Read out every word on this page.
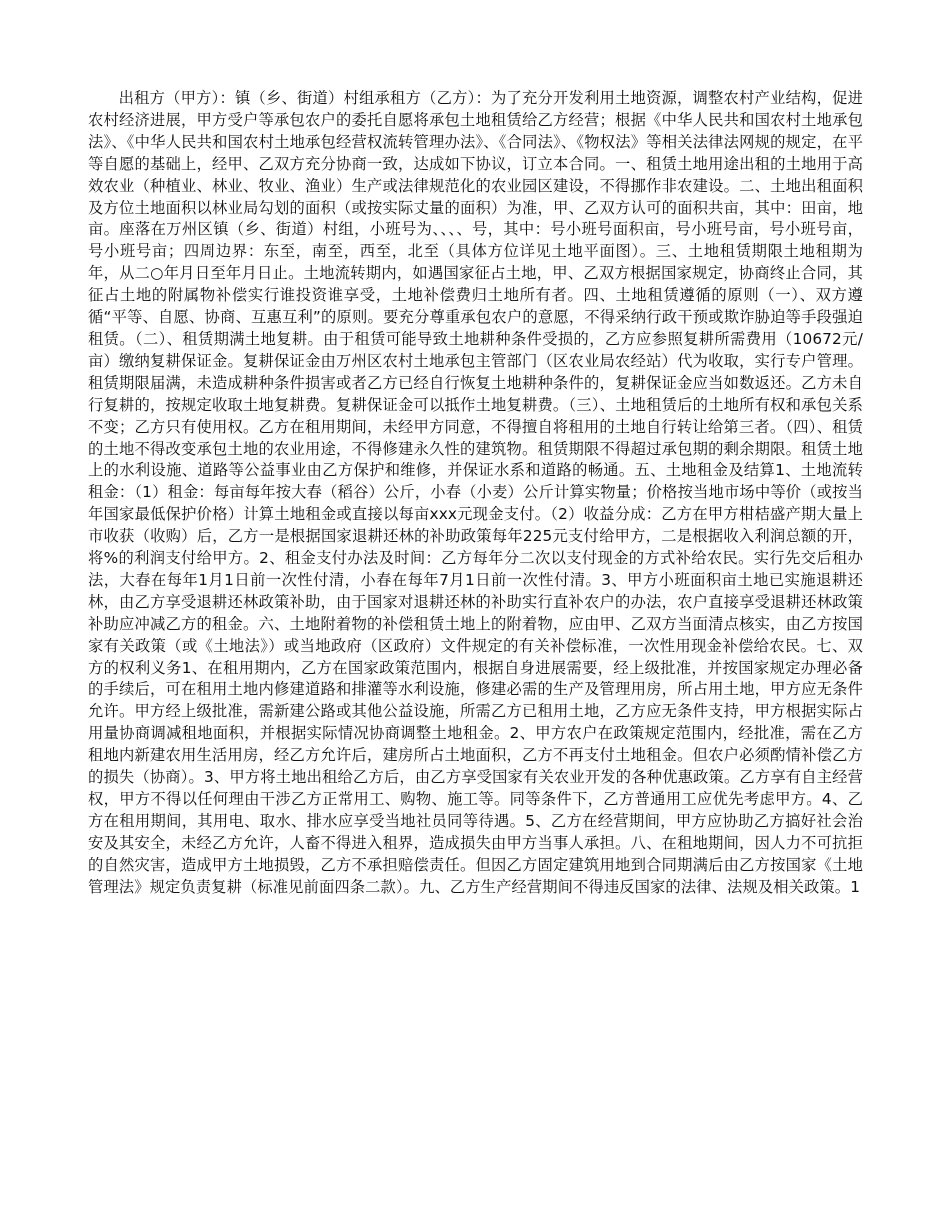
出租方（甲方）：镇（乡、街道）村组承租方（乙方）：为了充分开发利用土地资源，调整农村产业结构，促进农村经济进展，甲方受户等承包农户的委托自愿将承包土地租赁给乙方经营；根据《中华人民共和国农村土地承包法》、《中华人民共和国农村土地承包经营权流转管理办法》、《合同法》、《物权法》等相关法律法网规的规定，在平等自愿的基础上，经甲、乙双方充分协商一致，达成如下协议，订立本合同。一、租赁土地用途出租的土地用于高效农业（种植业、林业、牧业、渔业）生产或法律规范化的农业园区建设，不得挪作非农建设。二、土地出租面积及方位土地面积以林业局勾划的面积（或按实际丈量的面积）为准，甲、乙双方认可的面积共亩，其中：田亩，地亩。座落在万州区镇（乡、街道）村组，小班号为、、、、号，其中：号小班号面积亩，号小班号亩，号小班号亩，号小班号亩；四周边界：东至，南至，西至，北至（具体方位详见土地平面图）。三、土地租赁期限土地租期为年，从二○年月日至年月日止。土地流转期内，如遇国家征占土地，甲、乙双方根据国家规定，协商终止合同，其征占土地的附属物补偿实行谁投资谁享受，土地补偿费归土地所有者。四、土地租赁遵循的原则（一）、双方遵循“平等、自愿、协商、互惠互利”的原则。要充分尊重承包农户的意愿，不得采纳行政干预或欺诈胁迫等手段强迫租赁。（二）、租赁期满土地复耕。由于租赁可能导致土地耕种条件受损的，乙方应参照复耕所需费用（10672元/亩）缴纳复耕保证金。复耕保证金由万州区农村土地承包主管部门（区农业局农经站）代为收取，实行专户管理。租赁期限届满，未造成耕种条件损害或者乙方已经自行恢复土地耕种条件的，复耕保证金应当如数返还。乙方未自行复耕的，按规定收取土地复耕费。复耕保证金可以抵作土地复耕费。（三）、土地租赁后的土地所有权和承包关系不变；乙方只有使用权。乙方在租用期间，未经甲方同意，不得擅自将租用的土地自行转让给第三者。（四）、租赁的土地不得改变承包土地的农业用途，不得修建永久性的建筑物。租赁期限不得超过承包期的剩余期限。租赁土地上的水利设施、道路等公益事业由乙方保护和维修，并保证水系和道路的畅通。五、土地租金及结算1、土地流转租金：（1）租金：每亩每年按大春（稻谷）公斤，小春（小麦）公斤计算实物量；价格按当地市场中等价（或按当年国家最低保护价格）计算土地租金或直接以每亩xxx元现金支付。（2）收益分成：乙方在甲方柑桔盛产期大量上市收获（收购）后，乙方一是根据国家退耕还林的补助政策每年225元支付给甲方，二是根据收入利润总额的开，将%的利润支付给甲方。2、租金支付办法及时间：乙方每年分二次以支付现金的方式补给农民。实行先交后租办法，大春在每年1月1日前一次性付清，小春在每年7月1日前一次性付清。3、甲方小班面积亩土地已实施退耕还林，由乙方享受退耕还林政策补助，由于国家对退耕还林的补助实行直补农户的办法，农户直接享受退耕还林政策补助应冲减乙方的租金。六、土地附着物的补偿租赁土地上的附着物，应由甲、乙双方当面清点核实，由乙方按国家有关政策（或《土地法》）或当地政府（区政府）文件规定的有关补偿标准，一次性用现金补偿给农民。七、双方的权利义务1、在租用期内，乙方在国家政策范围内，根据自身进展需要，经上级批准，并按国家规定办理必备的手续后，可在租用土地内修建道路和排灌等水利设施，修建必需的生产及管理用房，所占用土地，甲方应无条件允许。甲方经上级批准，需新建公路或其他公益设施，所需乙方已租用土地，乙方应无条件支持，甲方根据实际占用量协商调减租地面积，并根据实际情况协商调整土地租金。2、甲方农户在政策规定范围内，经批准，需在乙方租地内新建农用生活用房，经乙方允许后，建房所占土地面积，乙方不再支付土地租金。但农户必须酌情补偿乙方的损失（协商）。3、甲方将土地出租给乙方后，由乙方享受国家有关农业开发的各种优惠政策。乙方享有自主经营权，甲方不得以任何理由干涉乙方正常用工、购物、施工等。同等条件下，乙方普通用工应优先考虑甲方。4、乙方在租用期间，其用电、取水、排水应享受当地社员同等待遇。5、乙方在经营期间，甲方应协助乙方搞好社会治安及其安全，未经乙方允许，人畜不得进入租界，造成损失由甲方当事人承担。八、在租地期间，因人力不可抗拒的自然灾害，造成甲方土地损毁，乙方不承担赔偿责任。但因乙方固定建筑用地到合同期满后由乙方按国家《土地管理法》规定负责复耕（标准见前面四条二款）。九、乙方生产经营期间不得违反国家的法律、法规及相关政策。1
